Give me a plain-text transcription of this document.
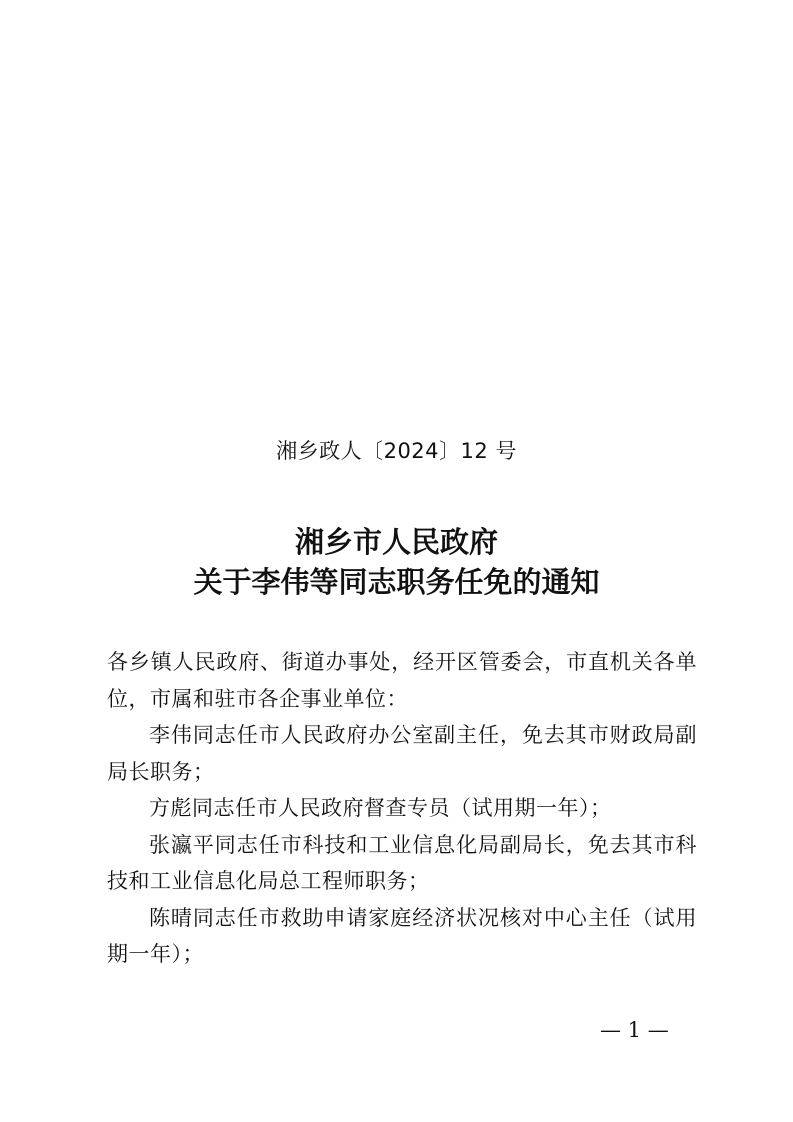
湘乡政人〔2024〕12 号
湘乡市人民政府
关于李伟等同志职务任免的通知

各乡镇人民政府、街道办事处，经开区管委会，市直机关各单位，市属和驻市各企事业单位：

李伟同志任市人民政府办公室副主任，免去其市财政局副局长职务；

方彪同志任市人民政府督查专员（试用期一年）；

张瀛平同志任市科技和工业信息化局副局长，免去其市科技和工业信息化局总工程师职务；

陈晴同志任市救助申请家庭经济状况核对中心主任（试用期一年）；

— 1 —
